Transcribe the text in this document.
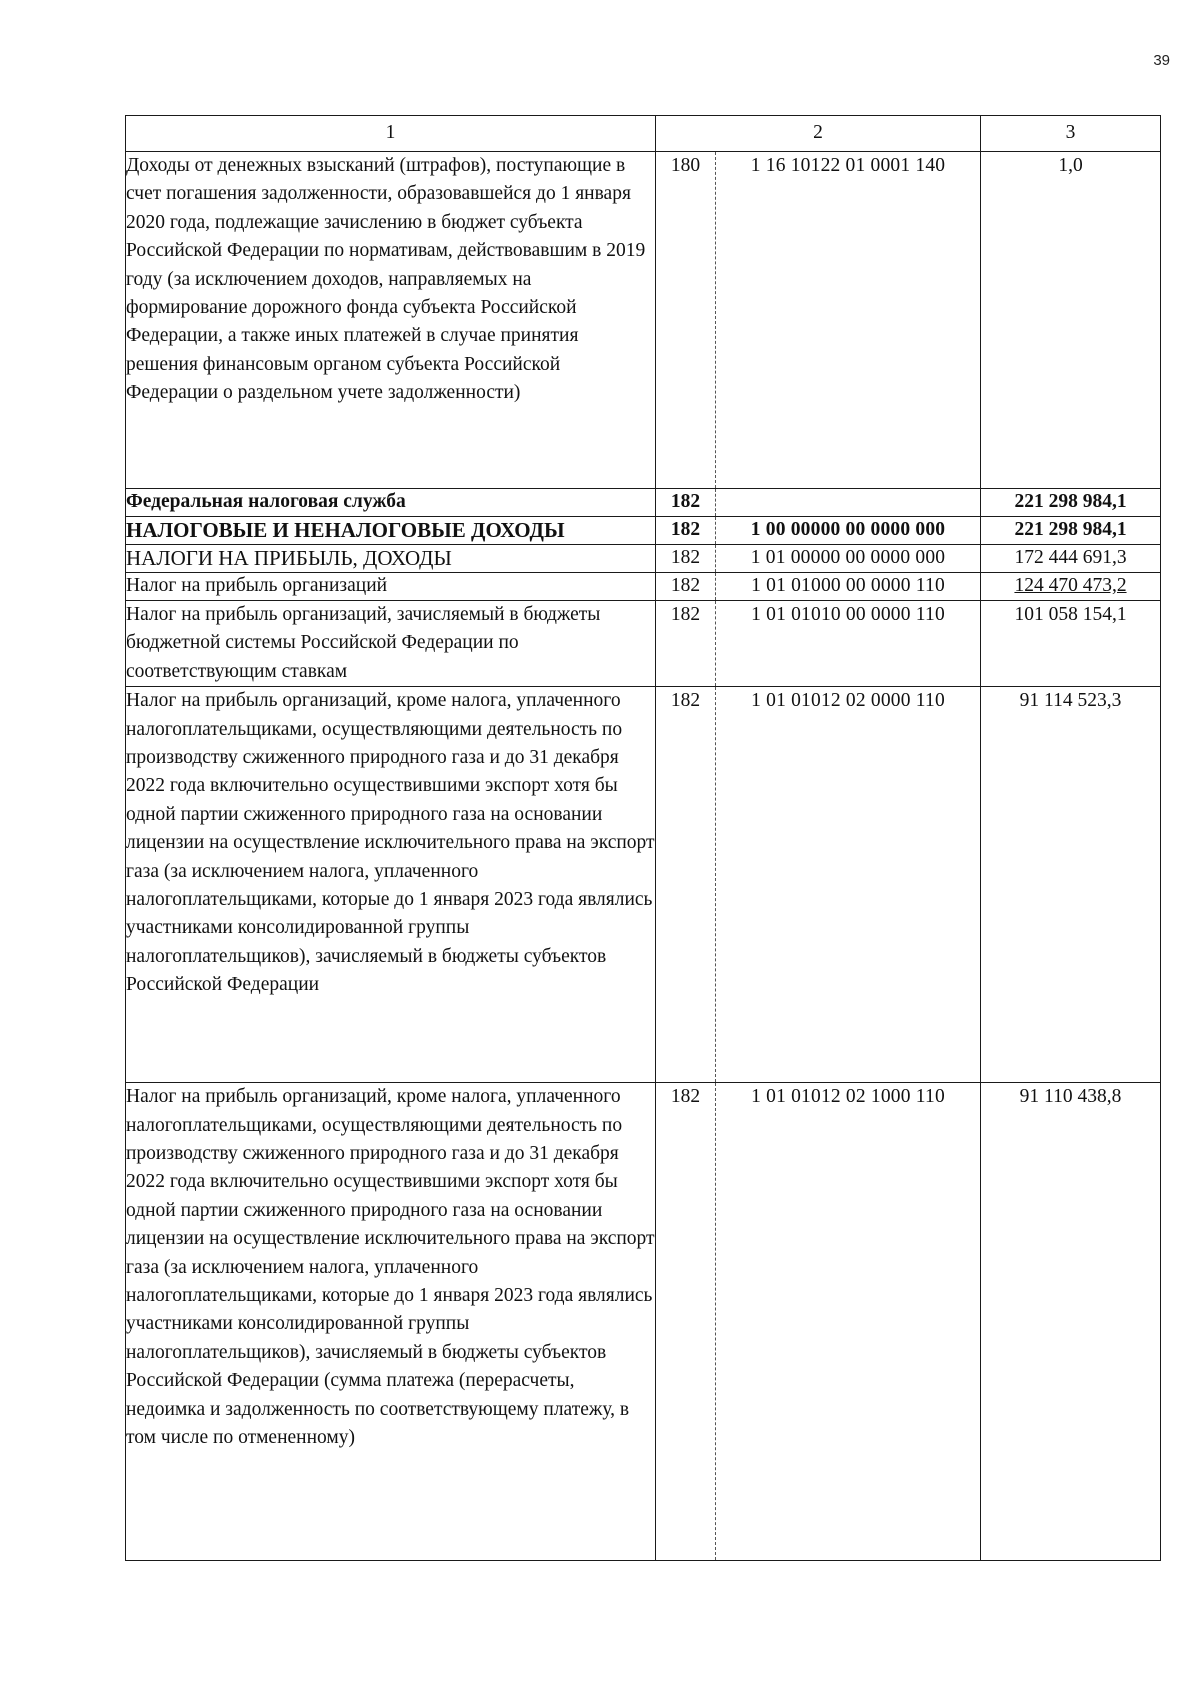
39
1	2		3
Доходы от денежных взысканий (штрафов), поступающие в счет погашения задолженности, образовавшейся до 1 января 2020 года, подлежащие зачислению в бюджет субъекта Российской Федерации по нормативам, действовавшим в 2019 году (за исключением доходов, направляемых на формирование дорожного фонда субъекта Российской Федерации, а также иных платежей в случае принятия решения финансовым органом субъекта Российской Федерации о раздельном учете задолженности)	180	1 16 10122 01 0001 140	1,0
Федеральная налоговая служба	182		221 298 984,1
НАЛОГОВЫЕ И НЕНАЛОГОВЫЕ ДОХОДЫ	182	1 00 00000 00 0000 000	221 298 984,1
НАЛОГИ НА ПРИБЫЛЬ, ДОХОДЫ	182	1 01 00000 00 0000 000	172 444 691,3
Налог на прибыль организаций	182	1 01 01000 00 0000 110	124 470 473,2
Налог на прибыль организаций, зачисляемый в бюджеты бюджетной системы Российской Федерации по соответствующим ставкам	182	1 01 01010 00 0000 110	101 058 154,1
Налог на прибыль организаций, кроме налога, уплаченного налогоплательщиками, осуществляющими деятельность по производству сжиженного природного газа и до 31 декабря 2022 года включительно осуществившими экспорт хотя бы одной партии сжиженного природного газа на основании лицензии на осуществление исключительного права на экспорт газа (за исключением налога, уплаченного налогоплательщиками, которые до 1 января 2023 года являлись участниками консолидированной группы налогоплательщиков), зачисляемый в бюджеты субъектов Российской Федерации	182	1 01 01012 02 0000 110	91 114 523,3
Налог на прибыль организаций, кроме налога, уплаченного налогоплательщиками, осуществляющими деятельность по производству сжиженного природного газа и до 31 декабря 2022 года включительно осуществившими экспорт хотя бы одной партии сжиженного природного газа на основании лицензии на осуществление исключительного права на экспорт газа (за исключением налога, уплаченного налогоплательщиками, которые до 1 января 2023 года являлись участниками консолидированной группы налогоплательщиков), зачисляемый в бюджеты субъектов Российской Федерации (сумма платежа (перерасчеты, недоимка и задолженность по соответствующему платежу, в том числе по отмененному)	182	1 01 01012 02 1000 110	91 110 438,8
